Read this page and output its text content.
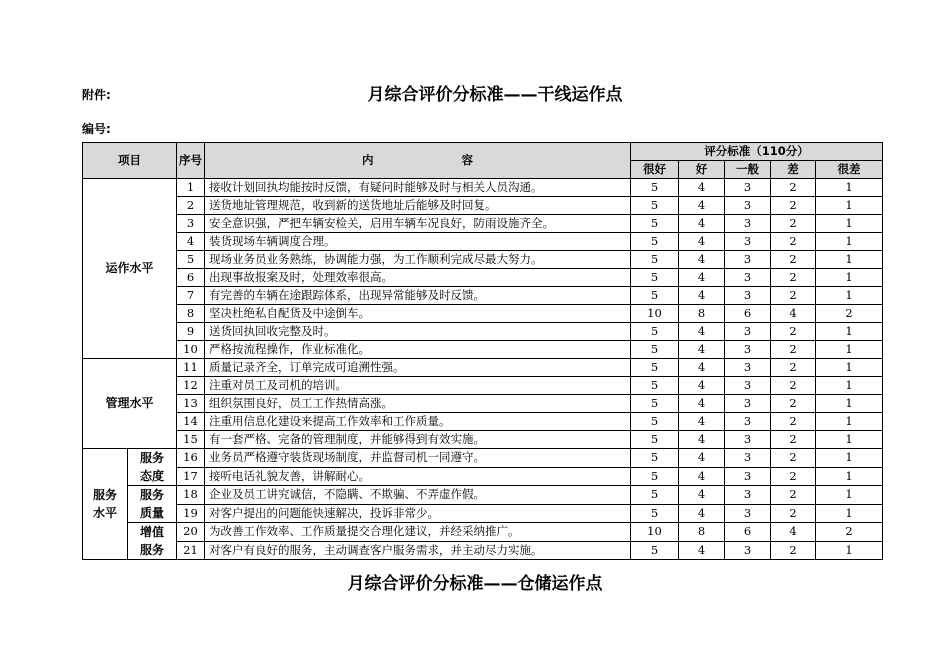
附件:	月综合评价分标准——干线运作点
编号:
项目		序号	内 容	评分标准（110分）				
				很好	好	一般	差	很差
运作水平		1	接收计划回执均能按时反馈，有疑问时能够及时与相关人员沟通。	5	4	3	2	1
		2	送货地址管理规范，收到新的送货地址后能够及时回复。	5	4	3	2	1
		3	安全意识强，严把车辆安检关，启用车辆车况良好，防雨设施齐全。	5	4	3	2	1
		4	装货现场车辆调度合理。	5	4	3	2	1
		5	现场业务员业务熟练，协调能力强，为工作顺利完成尽最大努力。	5	4	3	2	1
		6	出现事故报案及时，处理效率很高。	5	4	3	2	1
		7	有完善的车辆在途跟踪体系，出现异常能够及时反馈。	5	4	3	2	1
		8	坚决杜绝私自配货及中途倒车。	10	8	6	4	2
		9	送货回执回收完整及时。	5	4	3	2	1
		10	严格按流程操作，作业标准化。	5	4	3	2	1
管理水平		11	质量记录齐全，订单完成可追溯性强。	5	4	3	2	1
		12	注重对员工及司机的培训。	5	4	3	2	1
		13	组织氛围良好，员工工作热情高涨。	5	4	3	2	1
		14	注重用信息化建设来提高工作效率和工作质量。	5	4	3	2	1
		15	有一套严格、完备的管理制度，并能够得到有效实施。	5	4	3	2	1

服务水平	服务态度	16	业务员严格遵守装货现场制度，并监督司机一同遵守。	5	4	3	2	1
		17	接听电话礼貌友善，讲解耐心。	5	4	3	2	1

	服务质量	18	企业及员工讲究诚信，不隐瞒、不欺骗、不弄虚作假。	5	4	3	2	1
		19	对客户提出的问题能快速解决，投诉非常少。	5	4	3	2	1

	增值服务	20	为改善工作效率、工作质量提交合理化建议，并经采纳推广。	10	8	6	4	2
		21	对客户有良好的服务，主动调查客户服务需求，并主动尽力实施。	5	4	3	2	1
月综合评价分标准——仓储运作点
